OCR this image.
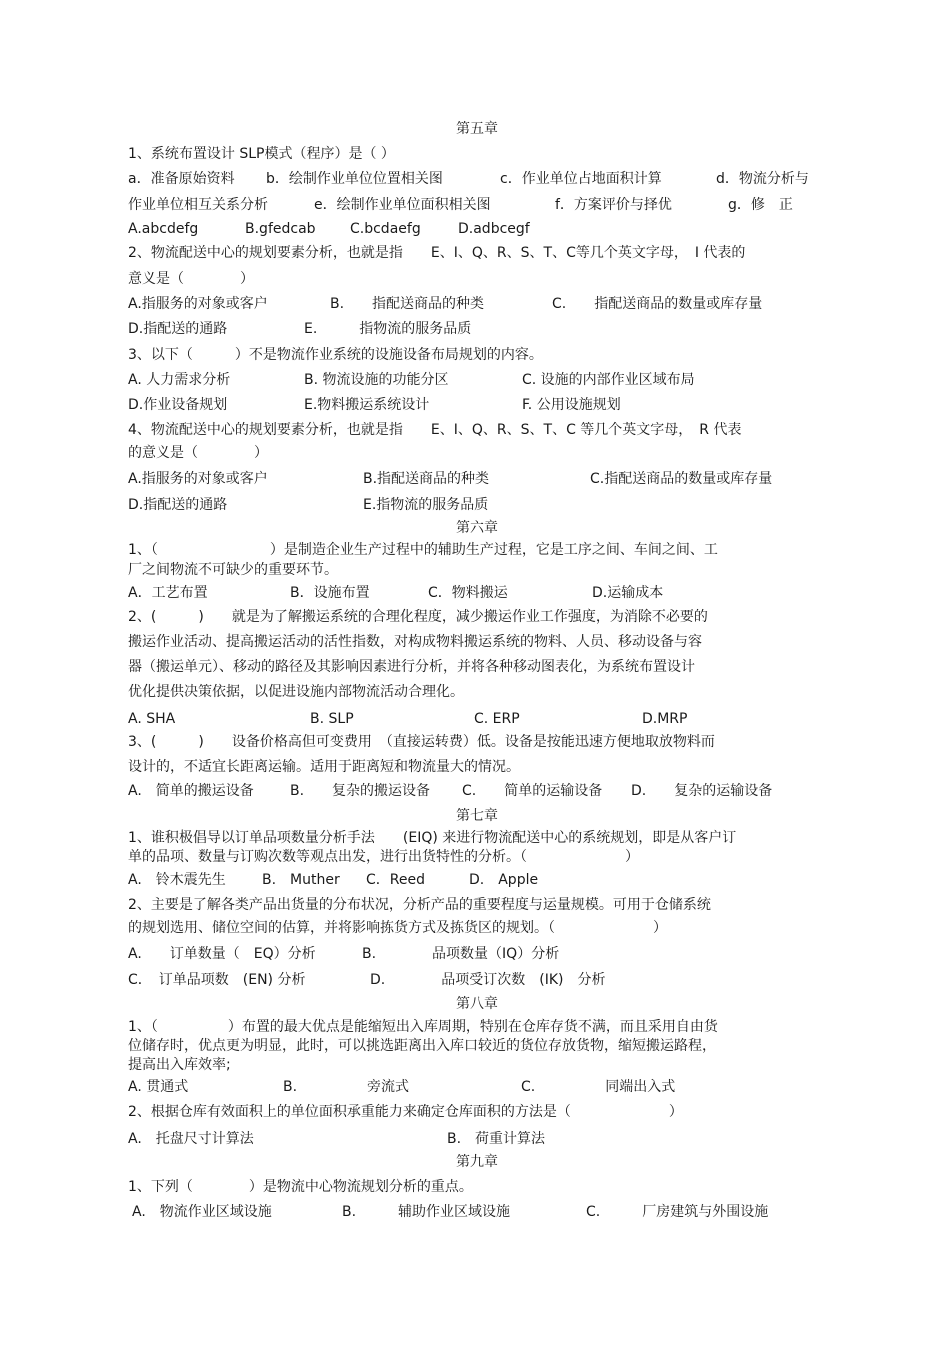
第五章
1、系统布置设计 SLP模式（程序）是（ ）
a．准备原始资料 b．绘制作业单位位置相关图	c．作业单位占地面积计算	d．物流分析与
作业单位相互关系分析	e．绘制作业单位面积相关图	f．方案评价与择优	g．修　正
A.abcdefg	B.gfedcab C.bcdaefg	D.adbcegf
2、物流配送中心的规划要素分析，也就是指　　E、I、Q、R、S、T、C等几个英文字母，　I 代表的
意义是（　　　　）
A.指服务的对象或客户	B.　　指配送商品的种类	C.　　指配送商品的数量或库存量
D.指配送的通路	E.　　　指物流的服务品质
3、以下（　　　）不是物流作业系统的设施设备布局规划的内容。
A. 人力需求分析	B. 物流设施的功能分区	C. 设施的内部作业区域布局
D.作业设备规划	E.物料搬运系统设计	F. 公用设施规划
4、物流配送中心的规划要素分析，也就是指　　E、I、Q、R、S、T、C 等几个英文字母，　R 代表
的意义是（　　　　）
A.指服务的对象或客户	B.指配送商品的种类	C.指配送商品的数量或库存量
D.指配送的通路	E.指物流的服务品质
第六章
1、（　　　　　　　　）是制造企业生产过程中的辅助生产过程，它是工序之间、车间之间、工
厂之间物流不可缺少的重要环节。
A．工艺布置	B．设施布置	C．物料搬运	D.运输成本
2、(　　　)　　就是为了解搬运系统的合理化程度，减少搬运作业工作强度，为消除不必要的
搬运作业活动、提高搬运活动的活性指数，对构成物料搬运系统的物料、人员、移动设备与容
器（搬运单元）、移动的路径及其影响因素进行分析，并将各种移动图表化，为系统布置设计
优化提供决策依据，以促进设施内部物流活动合理化。
A. SHA	B. SLP	C. ERP	D.MRP
3、(　　　)　　设备价格高但可变费用　（直接运转费）低。设备是按能迅速方便地取放物料而
设计的，不适宜长距离运输。适用于距离短和物流量大的情况。
A.　简单的搬运设备	B.　　复杂的搬运设备 C.　　简单的运输设备 D.　　复杂的运输设备
第七章
1、谁积极倡导以订单品项数量分析手法　　(EIQ) 来进行物流配送中心的系统规划，即是从客户订
单的品项、数量与订购次数等观点出发，进行出货特性的分析。（　　　　　　　）
A.　铃木震先生	B.　Muther C．Reed	D.　Apple
2、主要是了解各类产品出货量的分布状况，分析产品的重要程度与运量规模。可用于仓储系统
的规划选用、储位空间的估算，并将影响拣货方式及拣货区的规划。（　　　　　　　）
A.　　订单数量（　EQ）分析	B.　　　　品项数量（IQ）分析
C．　订单品项数　(EN) 分析	D.　　　　品项受订次数　(IK)　分析
第八章
1、（　　　　　）布置的最大优点是能缩短出入库周期，特别在仓库存货不满，而且采用自由货
位储存时，优点更为明显，此时，可以挑选距离出入库口较近的货位存放货物，缩短搬运路程，
提高出入库效率;
A. 贯通式	B.　　　　　旁流式	C.　　　　　同端出入式
2、根据仓库有效面积上的单位面积承重能力来确定仓库面积的方法是（　　　　　　　）
A.　托盘尺寸计算法	B.　荷重计算法
第九章
1、下列（　　　　）是物流中心物流规划分析的重点。
A.　物流作业区域设施	B.　　　辅助作业区域设施	C.　　　厂房建筑与外围设施
